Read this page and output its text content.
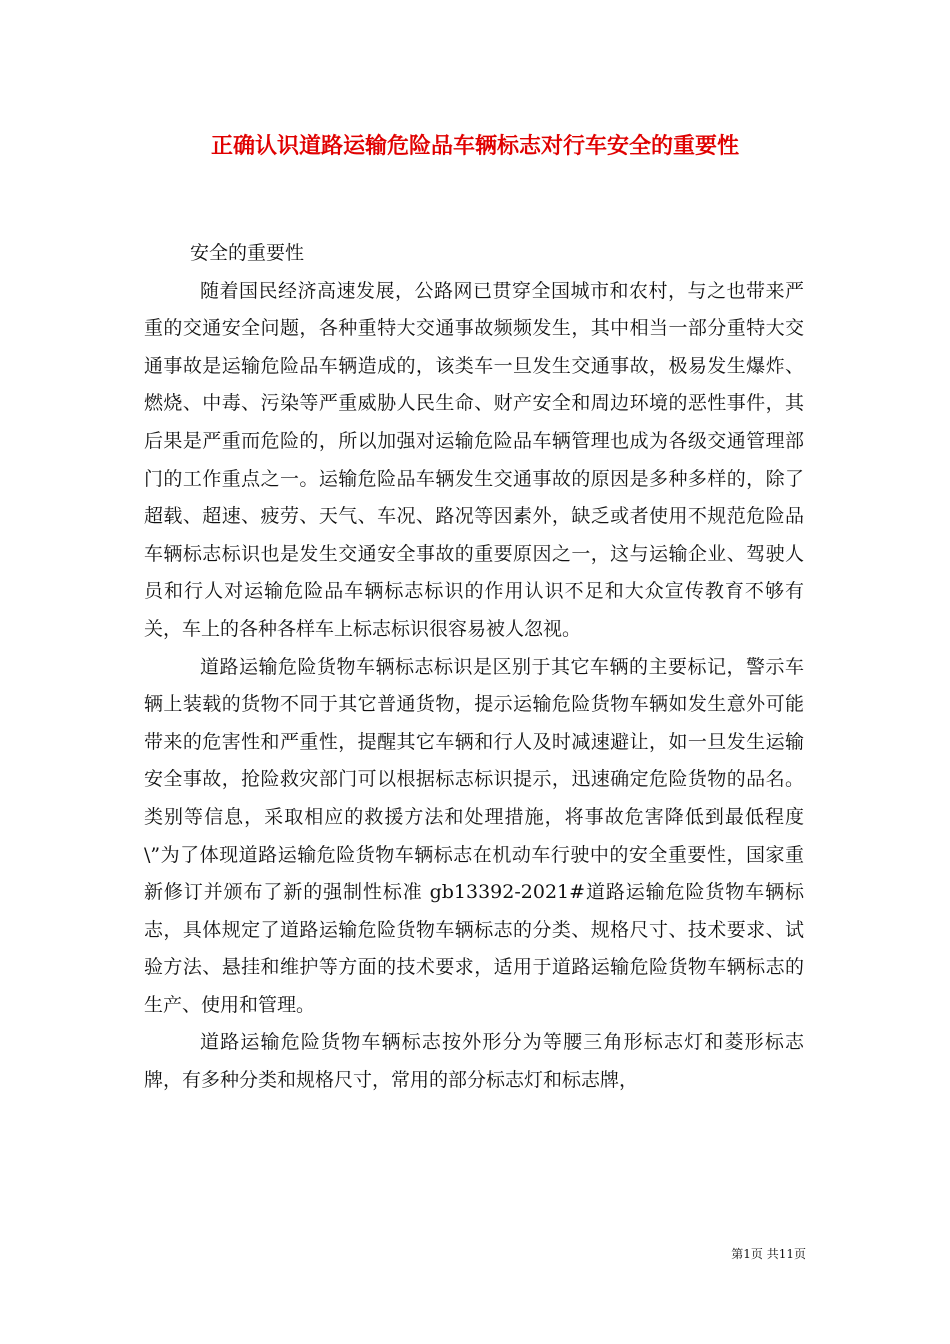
正确认识道路运输危险品车辆标志对行车安全的重要性

安全的重要性

随着国民经济高速发展，公路网已贯穿全国城市和农村，与之也带来严重的交通安全问题，各种重特大交通事故频频发生，其中相当一部分重特大交通事故是运输危险品车辆造成的，该类车一旦发生交通事故，极易发生爆炸、燃烧、中毒、污染等严重威胁人民生命、财产安全和周边环境的恶性事件，其后果是严重而危险的，所以加强对运输危险品车辆管理也成为各级交通管理部门的工作重点之一。运输危险品车辆发生交通事故的原因是多种多样的，除了超载、超速、疲劳、天气、车况、路况等因素外，缺乏或者使用不规范危险品车辆标志标识也是发生交通安全事故的重要原因之一，这与运输企业、驾驶人员和行人对运输危险品车辆标志标识的作用认识不足和大众宣传教育不够有关，车上的各种各样车上标志标识很容易被人忽视。

道路运输危险货物车辆标志标识是区别于其它车辆的主要标记，警示车辆上装载的货物不同于其它普通货物，提示运输危险货物车辆如发生意外可能带来的危害性和严重性，提醒其它车辆和行人及时减速避让，如一旦发生运输安全事故，抢险救灾部门可以根据标志标识提示，迅速确定危险货物的品名。类别等信息，采取相应的救援方法和处理措施，将事故危害降低到最低程度\”为了体现道路运输危险货物车辆标志在机动车行驶中的安全重要性，国家重新修订并颁布了新的强制性标准 gb13392-2021#道路运输危险货物车辆标志，具体规定了道路运输危险货物车辆标志的分类、规格尺寸、技术要求、试验方法、悬挂和维护等方面的技术要求，适用于道路运输危险货物车辆标志的生产、使用和管理。

道路运输危险货物车辆标志按外形分为等腰三角形标志灯和菱形标志牌，有多种分类和规格尺寸，常用的部分标志灯和标志牌，

第1页 共11页
